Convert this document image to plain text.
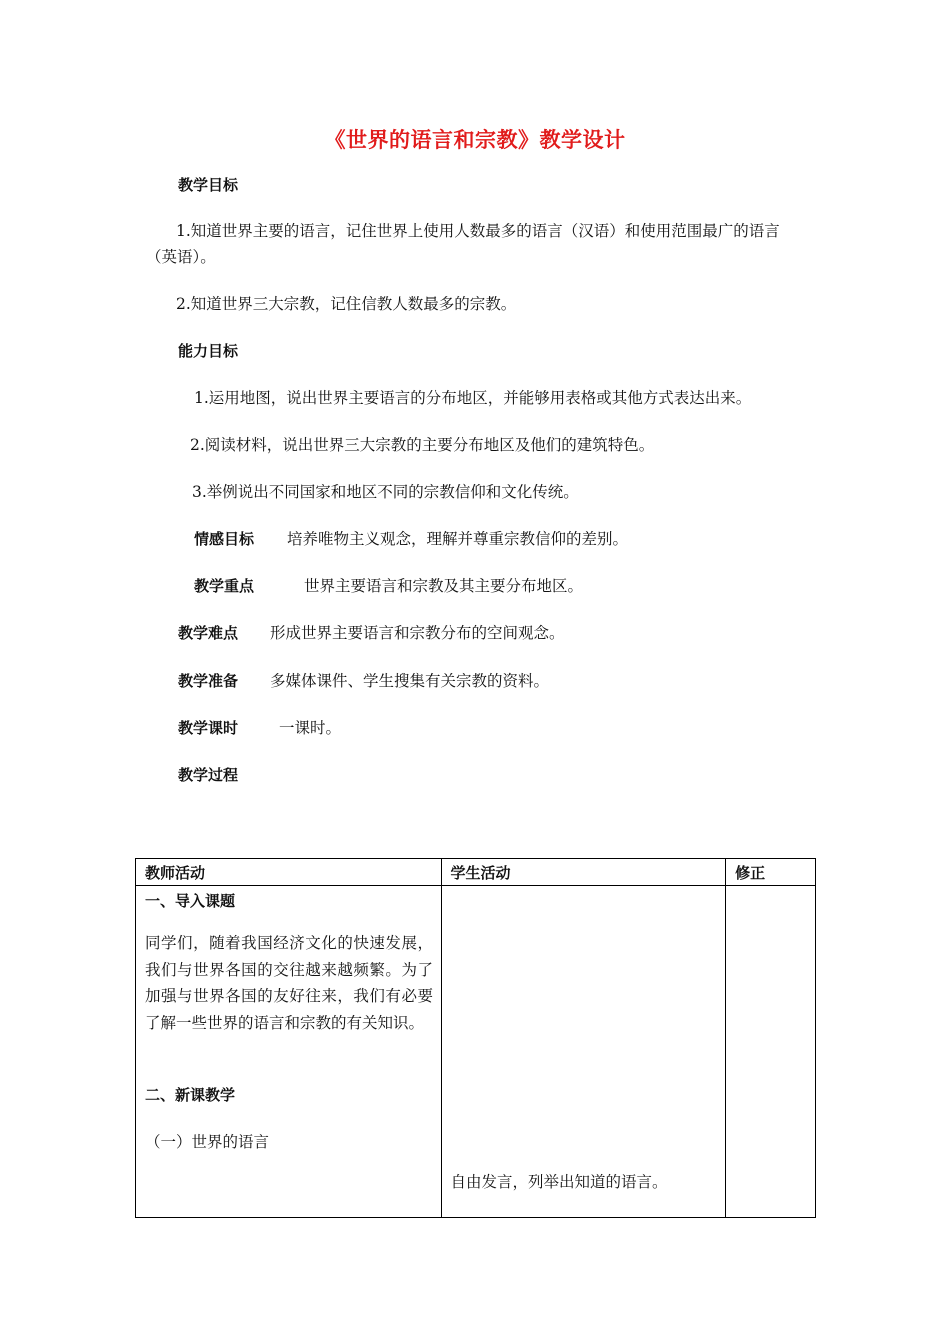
《世界的语言和宗教》教学设计
教学目标
1.知道世界主要的语言，记住世界上使用人数最多的语言（汉语）和使用范围最广的语言（英语）。
2.知道世界三大宗教，记住信教人数最多的宗教。
能力目标
1.运用地图，说出世界主要语言的分布地区，并能够用表格或其他方式表达出来。
2.阅读材料，说出世界三大宗教的主要分布地区及他们的建筑特色。
3.举例说出不同国家和地区不同的宗教信仰和文化传统。
情感目标 培养唯物主义观念，理解并尊重宗教信仰的差别。
教学重点	世界主要语言和宗教及其主要分布地区。
教学难点 形成世界主要语言和宗教分布的空间观念。
教学准备 多媒体课件、学生搜集有关宗教的资料。
教学课时	一课时。
教学过程
教师活动	学生活动	修正

一、导入课题
同学们，随着我国经济文化的快速发展，我们与世界各国的交往越来越频繁。为了加强与世界各国的友好往来，我们有必要了解一些世界的语言和宗教的有关知识。
二、新课教学
（一）世界的语言	自由发言，列举出知道的语言。	
